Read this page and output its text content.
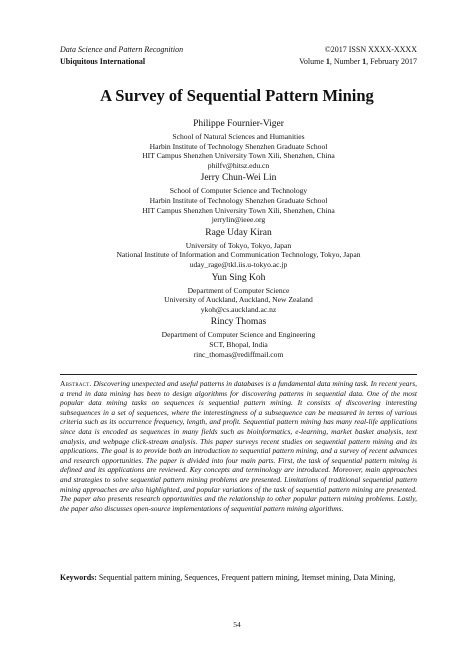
Data Science and Pattern Recognition
Ubiquitous International
©2017 ISSN XXXX-XXXX
Volume 1, Number 1, February 2017
A Survey of Sequential Pattern Mining
Philippe Fournier-Viger
School of Natural Sciences and Humanities
Harbin Institute of Technology Shenzhen Graduate School
HIT Campus Shenzhen University Town Xili, Shenzhen, China
philfv@hitsz.edu.cn
Jerry Chun-Wei Lin
School of Computer Science and Technology
Harbin Institute of Technology Shenzhen Graduate School
HIT Campus Shenzhen University Town Xili, Shenzhen, China
jerrylin@ieee.org
Rage Uday Kiran
University of Tokyo, Tokyo, Japan
National Institute of Information and Communication Technology, Tokyo, Japan
uday_rage@tkl.iis.u-tokyo.ac.jp
Yun Sing Koh
Department of Computer Science
University of Auckland, Auckland, New Zealand
ykoh@cs.auckland.ac.nz
Rincy Thomas
Department of Computer Science and Engineering
SCT, Bhopal, India
rinc_thomas@rediffmail.com
Abstract. Discovering unexpected and useful patterns in databases is a fundamental data mining task. In recent years, a trend in data mining has been to design algorithms for discovering patterns in sequential data. One of the most popular data mining tasks on sequences is sequential pattern mining. It consists of discovering interesting subsequences in a set of sequences, where the interestingness of a subsequence can be measured in terms of various criteria such as its occurrence frequency, length, and profit. Sequential pattern mining has many real-life applications since data is encoded as sequences in many fields such as bioinformatics, e-learning, market basket analysis, text analysis, and webpage click-stream analysis. This paper surveys recent studies on sequential pattern mining and its applications. The goal is to provide both an introduction to sequential pattern mining, and a survey of recent advances and research opportunities. The paper is divided into four main parts. First, the task of sequential pattern mining is defined and its applications are reviewed. Key concepts and terminology are introduced. Moreover, main approaches and strategies to solve sequential pattern mining problems are presented. Limitations of traditional sequential pattern mining approaches are also highlighted, and popular variations of the task of sequential pattern mining are presented. The paper also presents research opportunities and the relationship to other popular pattern mining problems. Lastly, the paper also discusses open-source implementations of sequential pattern mining algorithms.
Keywords: Sequential pattern mining, Sequences, Frequent pattern mining, Itemset mining, Data Mining,
54
